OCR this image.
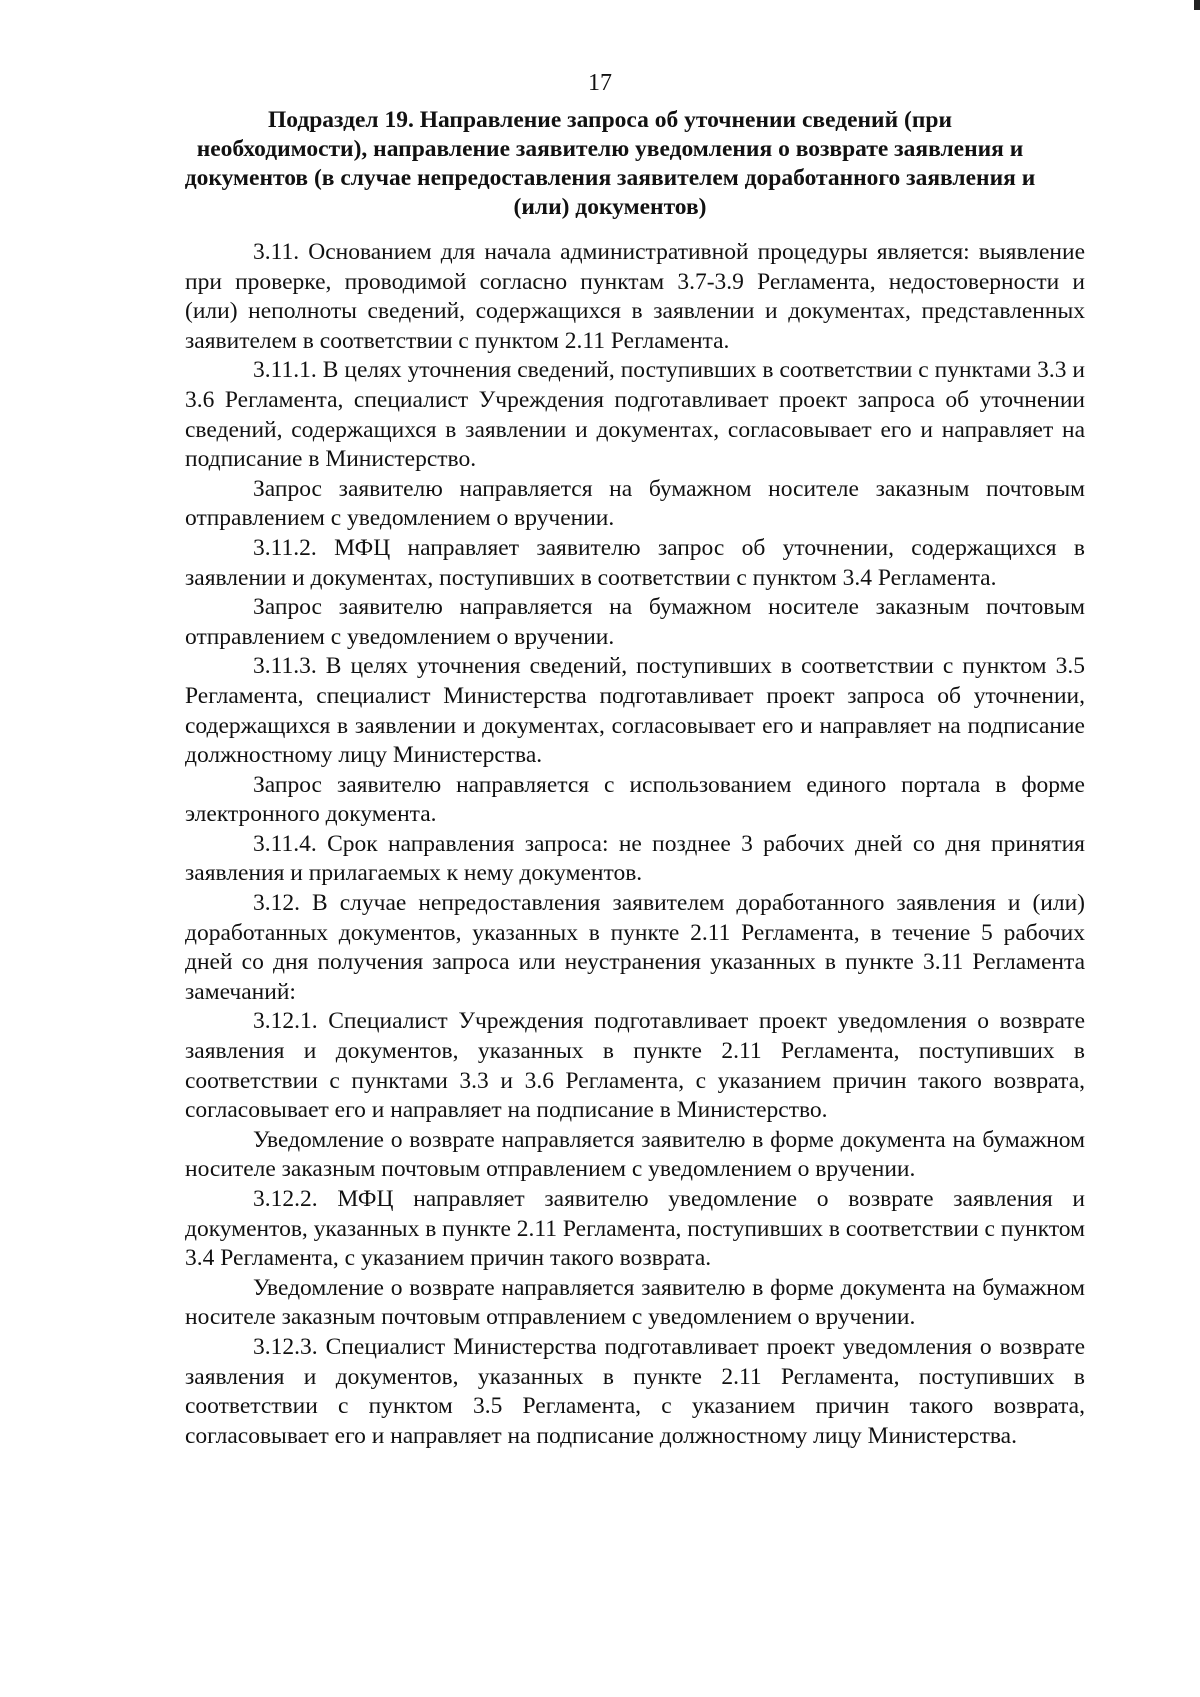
17
Подраздел 19. Направление запроса об уточнении сведений (при необходимости), направление заявителю уведомления о возврате заявления и документов (в случае непредоставления заявителем доработанного заявления и (или) документов)

3.11. Основанием для начала административной процедуры является: выявление при проверке, проводимой согласно пунктам 3.7-3.9 Регламента, недостоверности и (или) неполноты сведений, содержащихся в заявлении и документах, представленных заявителем в соответствии с пунктом 2.11 Регламента.

3.11.1. В целях уточнения сведений, поступивших в соответствии с пунктами 3.3 и 3.6 Регламента, специалист Учреждения подготавливает проект запроса об уточнении сведений, содержащихся в заявлении и документах, согласовывает его и направляет на подписание в Министерство.

Запрос заявителю направляется на бумажном носителе заказным почтовым отправлением с уведомлением о вручении.

3.11.2. МФЦ направляет заявителю запрос об уточнении, содержащихся в заявлении и документах, поступивших в соответствии с пунктом 3.4 Регламента.

Запрос заявителю направляется на бумажном носителе заказным почтовым отправлением с уведомлением о вручении.

3.11.3. В целях уточнения сведений, поступивших в соответствии с пунктом 3.5 Регламента, специалист Министерства подготавливает проект запроса об уточнении, содержащихся в заявлении и документах, согласовывает его и направляет на подписание должностному лицу Министерства.

Запрос заявителю направляется с использованием единого портала в форме электронного документа.

3.11.4. Срок направления запроса: не позднее 3 рабочих дней со дня принятия заявления и прилагаемых к нему документов.

3.12. В случае непредоставления заявителем доработанного заявления и (или) доработанных документов, указанных в пункте 2.11 Регламента, в течение 5 рабочих дней со дня получения запроса или неустранения указанных в пункте 3.11 Регламента замечаний:

3.12.1. Специалист Учреждения подготавливает проект уведомления о возврате заявления и документов, указанных в пункте 2.11 Регламента, поступивших в соответствии с пунктами 3.3 и 3.6 Регламента, с указанием причин такого возврата, согласовывает его и направляет на подписание в Министерство.

Уведомление о возврате направляется заявителю в форме документа на бумажном носителе заказным почтовым отправлением с уведомлением о вручении.

3.12.2. МФЦ направляет заявителю уведомление о возврате заявления и документов, указанных в пункте 2.11 Регламента, поступивших в соответствии с пунктом 3.4 Регламента, с указанием причин такого возврата.

Уведомление о возврате направляется заявителю в форме документа на бумажном носителе заказным почтовым отправлением с уведомлением о вручении.

3.12.3. Специалист Министерства подготавливает проект уведомления о возврате заявления и документов, указанных в пункте 2.11 Регламента, поступивших в соответствии с пунктом 3.5 Регламента, с указанием причин такого возврата, согласовывает его и направляет на подписание должностному лицу Министерства.
